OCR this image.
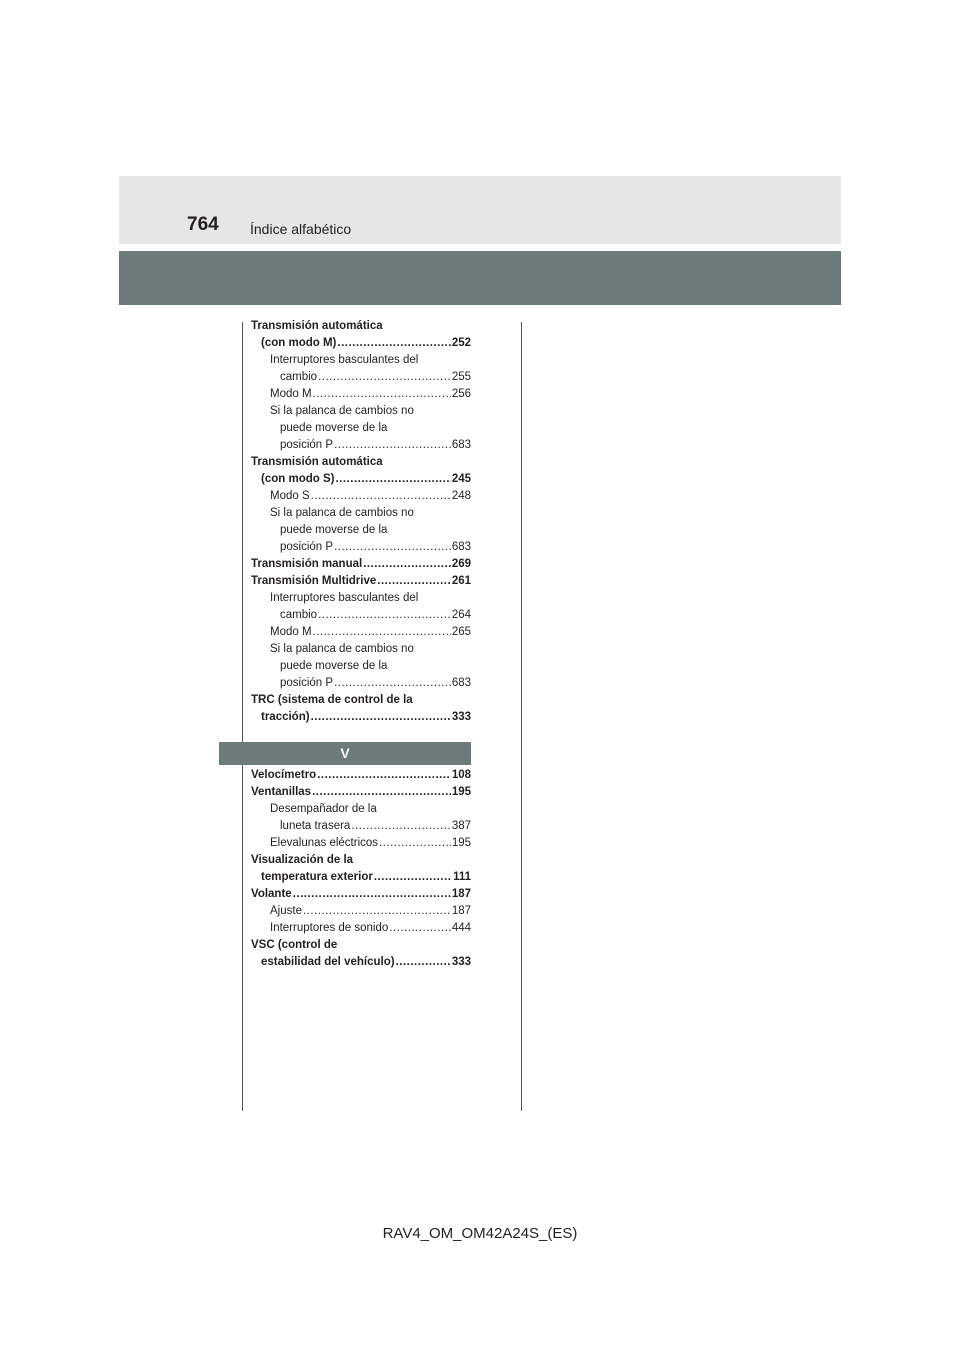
764 Índice alfabético
Transmisión automática
(con modo M) .....	252
Interruptores basculantes del
cambio .....	255
Modo M .....	256
Si la palanca de cambios no
puede moverse de la
posición P .....	683
Transmisión automática
(con modo S) .....	245
Modo S .....	248
Si la palanca de cambios no
puede moverse de la
posición P .....	683
Transmisión manual .....	269
Transmisión Multidrive .....	261
Interruptores basculantes del
cambio .....	264
Modo M .....	265
Si la palanca de cambios no
puede moverse de la
posición P .....	683
TRC (sistema de control de la
tracción) .....	333
V
Velocímetro .....	108
Ventanillas .....	195
Desempañador de la
luneta trasera .....	387
Elevalunas eléctricos .....	195
Visualización de la
temperatura exterior .....	111
Volante .....	187
Ajuste .....	187
Interruptores de sonido .....	444
VSC (control de
estabilidad del vehículo) .....	333
RAV4_OM_OM42A24S_(ES)
